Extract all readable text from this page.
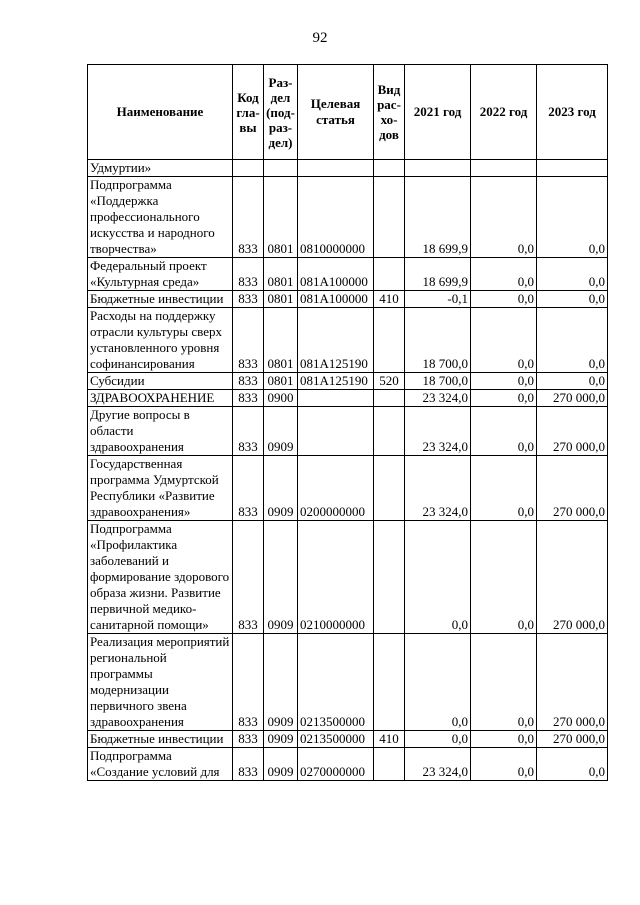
92
Наименование	Код гла- вы	Раз- дел (под- раз- дел)	Целевая статья	Вид рас- хо- дов	2021 год	2022 год	2023 год
Удмуртии»							
Подпрограмма «Поддержка профессионального искусства и народного творчества»	833	0801	0810000000		18 699,9	0,0	0,0
Федеральный проект «Культурная среда»	833	0801	081A100000		18 699,9	0,0	0,0
Бюджетные инвестиции	833	0801	081A100000	410	-0,1	0,0	0,0
Расходы на поддержку отрасли культуры сверх установленного уровня софинансирования	833	0801	081A125190		18 700,0	0,0	0,0
Субсидии	833	0801	081A125190	520	18 700,0	0,0	0,0
ЗДРАВООХРАНЕНИЕ	833	0900			23 324,0	0,0	270 000,0
Другие вопросы в области здравоохранения	833	0909			23 324,0	0,0	270 000,0
Государственная программа Удмуртской Республики «Развитие здравоохранения»	833	0909	0200000000		23 324,0	0,0	270 000,0
Подпрограмма «Профилактика заболеваний и формирование здорового образа жизни. Развитие первичной медико-санитарной помощи»	833	0909	0210000000		0,0	0,0	270 000,0
Реализация мероприятий региональной программы модернизации первичного звена здравоохранения	833	0909	0213500000		0,0	0,0	270 000,0
Бюджетные инвестиции	833	0909	0213500000	410	0,0	0,0	270 000,0
Подпрограмма «Создание условий для	833	0909	0270000000		23 324,0	0,0	0,0
